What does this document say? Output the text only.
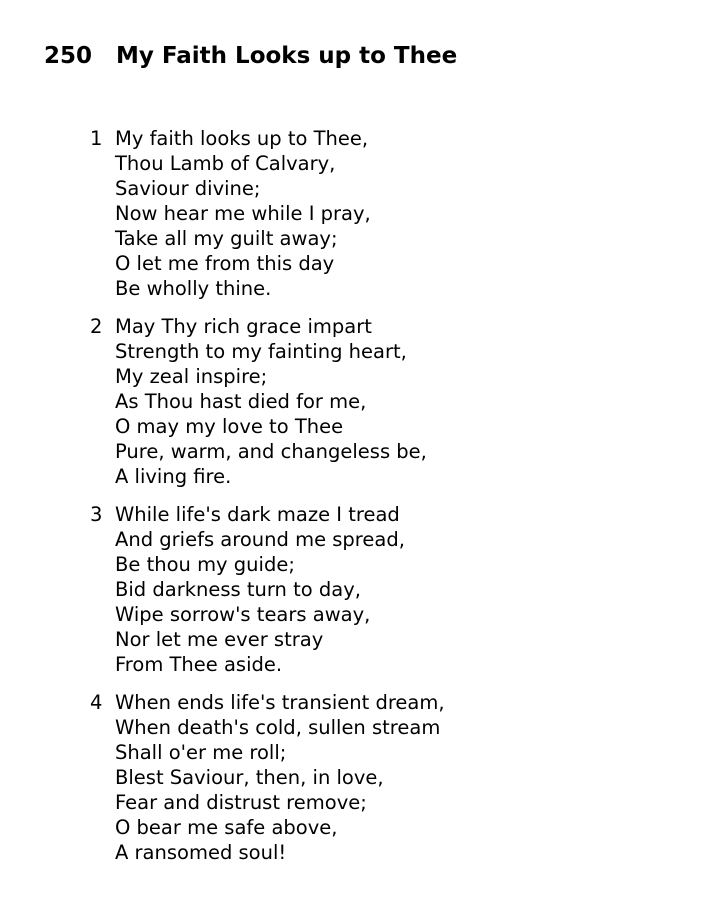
250 My Faith Looks up to Thee
1 My faith looks up to Thee,
Thou Lamb of Calvary,
Saviour divine;
Now hear me while I pray,
Take all my guilt away;
O let me from this day
Be wholly thine.
2 May Thy rich grace impart
Strength to my fainting heart,
My zeal inspire;
As Thou hast died for me,
O may my love to Thee
Pure, warm, and changeless be,
A living fire.
3 While life's dark maze I tread
And griefs around me spread,
Be thou my guide;
Bid darkness turn to day,
Wipe sorrow's tears away,
Nor let me ever stray
From Thee aside.
4 When ends life's transient dream,
When death's cold, sullen stream
Shall o'er me roll;
Blest Saviour, then, in love,
Fear and distrust remove;
O bear me safe above,
A ransomed soul!
